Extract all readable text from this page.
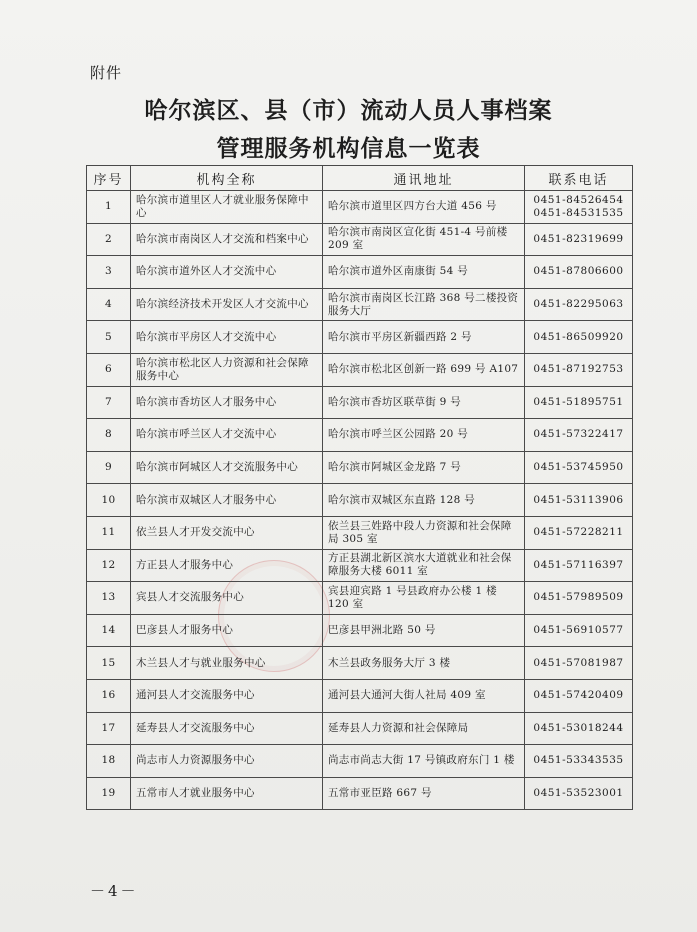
附件
哈尔滨区、县（市）流动人员人事档案
管理服务机构信息一览表
序号	机构全称	通讯地址	联系电话
1	哈尔滨市道里区人才就业服务保障中心	哈尔滨市道里区四方台大道 456 号	0451-84526454
0451-84531535

2	哈尔滨市南岗区人才交流和档案中心	哈尔滨市南岗区宣化街 451-4 号前楼 209 室	0451-82319699

3	哈尔滨市道外区人才交流中心	哈尔滨市道外区南康街 54 号	0451-87806600

4	哈尔滨经济技术开发区人才交流中心	哈尔滨市南岗区长江路 368 号二楼投资服务大厅	0451-82295063

5	哈尔滨市平房区人才交流中心	哈尔滨市平房区新疆西路 2 号	0451-86509920

6	哈尔滨市松北区人力资源和社会保障服务中心	哈尔滨市松北区创新一路 699 号 A107	0451-87192753

7	哈尔滨市香坊区人才服务中心	哈尔滨市香坊区联草街 9 号	0451-51895751

8	哈尔滨市呼兰区人才交流中心	哈尔滨市呼兰区公园路 20 号	0451-57322417

9	哈尔滨市阿城区人才交流服务中心	哈尔滨市阿城区金龙路 7 号	0451-53745950

10	哈尔滨市双城区人才服务中心	哈尔滨市双城区东直路 128 号	0451-53113906

11	依兰县人才开发交流中心	依兰县三姓路中段人力资源和社会保障局 305 室	0451-57228211

12	方正县人才服务中心	方正县湖北新区滨水大道就业和社会保障服务大楼 6011 室	0451-57116397

13	宾县人才交流服务中心	宾县迎宾路 1 号县政府办公楼 1 楼 120 室	0451-57989509

14	巴彦县人才服务中心	巴彦县甲洲北路 50 号	0451-56910577

15	木兰县人才与就业服务中心	木兰县政务服务大厅 3 楼	0451-57081987

16	通河县人才交流服务中心	通河县大通河大街人社局 409 室	0451-57420409

17	延寿县人才交流服务中心	延寿县人力资源和社会保障局	0451-53018244

18	尚志市人力资源服务中心	尚志市尚志大街 17 号镇政府东门 1 楼	0451-53343535

19	五常市人才就业服务中心	五常市亚臣路 667 号	0451-53523001
－4－
